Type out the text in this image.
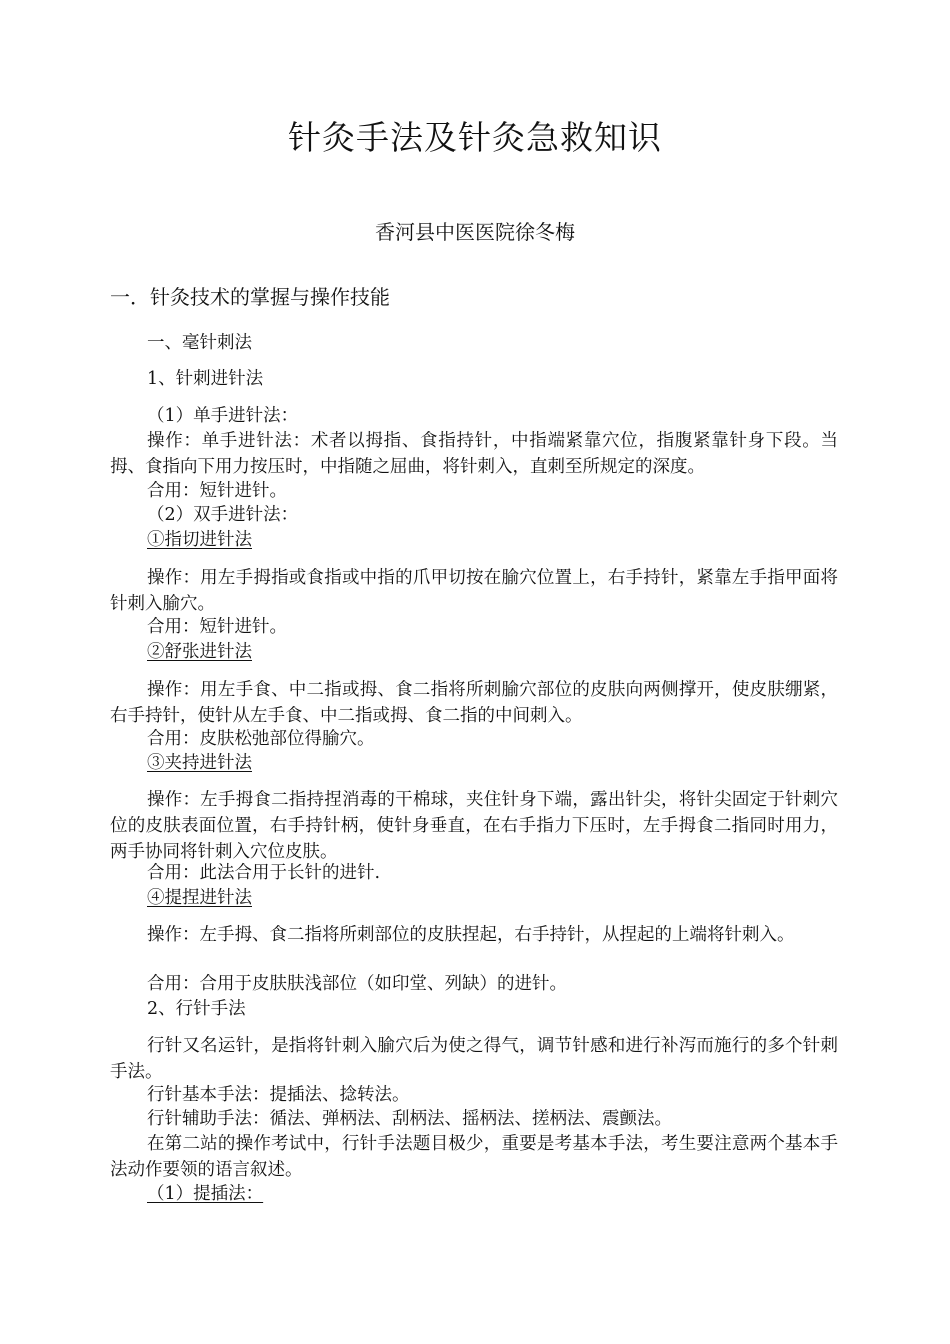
针灸手法及针灸急救知识
香河县中医医院徐冬梅
一．针灸技术的掌握与操作技能
一、毫针刺法
1、针刺进针法
（1）单手进针法：
操作：单手进针法：术者以拇指、食指持针，中指端紧靠穴位，指腹紧靠针身下段。当拇、食指向下用力按压时，中指随之屈曲，将针刺入，直刺至所规定的深度。
合用：短针进针。
（2）双手进针法：
①指切进针法
操作：用左手拇指或食指或中指的爪甲切按在腧穴位置上，右手持针，紧靠左手指甲面将针刺入腧穴。
合用：短针进针。
②舒张进针法
操作：用左手食、中二指或拇、食二指将所刺腧穴部位的皮肤向两侧撑开，使皮肤绷紧，右手持针，使针从左手食、中二指或拇、食二指的中间刺入。
合用：皮肤松弛部位得腧穴。
③夹持进针法
操作：左手拇食二指持捏消毒的干棉球，夹住针身下端，露出针尖，将针尖固定于针刺穴位的皮肤表面位置，右手持针柄，使针身垂直，在右手指力下压时，左手拇食二指同时用力，两手协同将针刺入穴位皮肤。
合用：此法合用于长针的进针.
④提捏进针法
操作：左手拇、食二指将所刺部位的皮肤捏起，右手持针，从捏起的上端将针刺入。
合用：合用于皮肤肤浅部位（如印堂、列缺）的进针。
2、行针手法
行针又名运针，是指将针刺入腧穴后为使之得气，调节针感和进行补泻而施行的多个针刺手法。
行针基本手法：提插法、捻转法。
行针辅助手法：循法、弹柄法、刮柄法、摇柄法、搓柄法、震颤法。
在第二站的操作考试中，行针手法题目极少，重要是考基本手法，考生要注意两个基本手法动作要领的语言叙述。
（1）提插法：
